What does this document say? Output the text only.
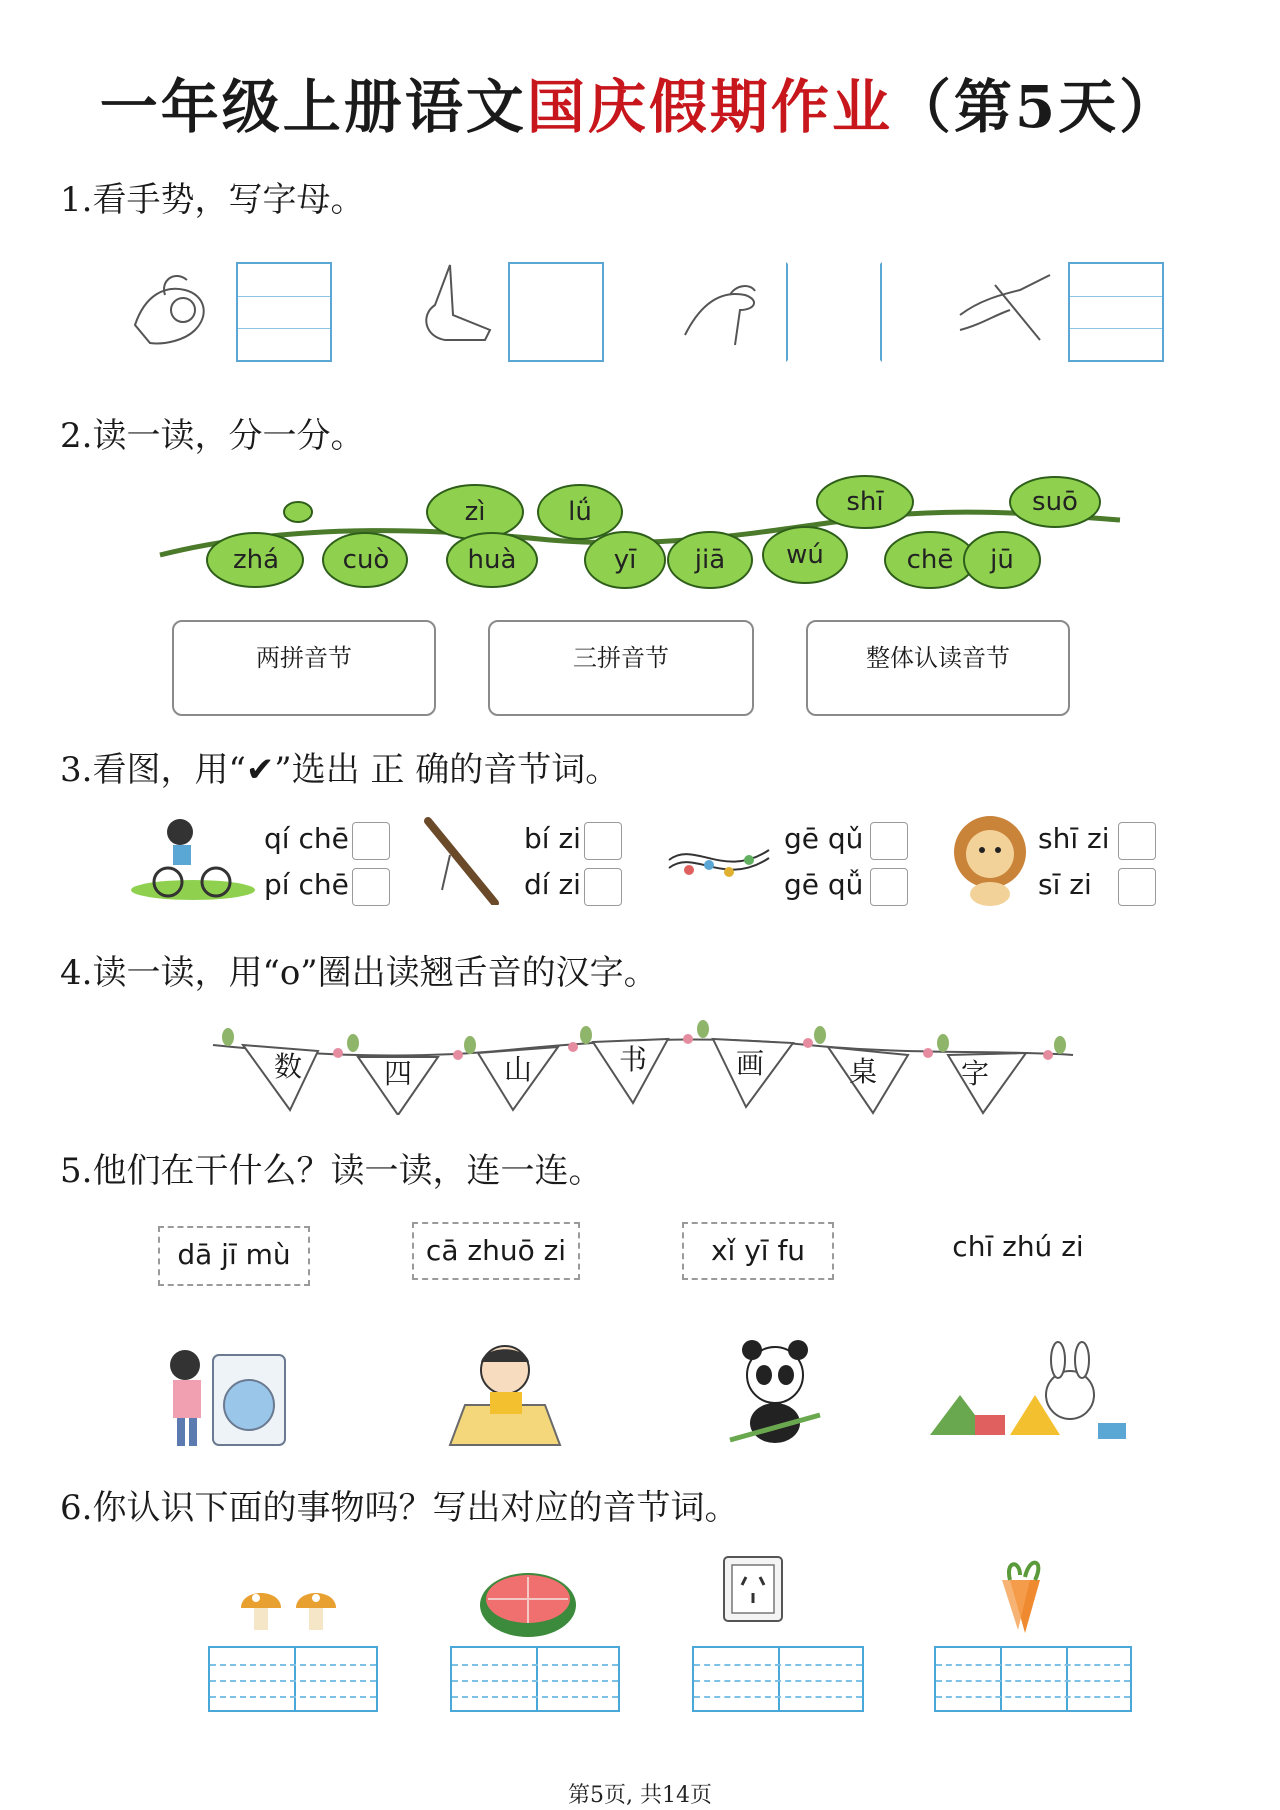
一年级上册语文国庆假期作业（第5天）
1.看手势，写字母。
2.读一读，分一分。
zhá	cuò
zì
huà
lǘ
yī	jiā	wú
shī
chē	jū
suō
两拼音节	三拼音节	整体认读音节
3.看图，用“✔”选出 正 确的音节词。
qí chē
pí chē
bí zi
dí zi
gē qǔ
gē qǚ
shī zi
sī zi
4.读一读，用“o”圈出读翘舌音的汉字。
数	四	山	书	画	桌	字
5.他们在干什么？读一读，连一连。
dā jī mù	cā zhuō zi	xǐ yī fu	chī zhú zi
6.你认识下面的事物吗？写出对应的音节词。
第5页, 共14页
